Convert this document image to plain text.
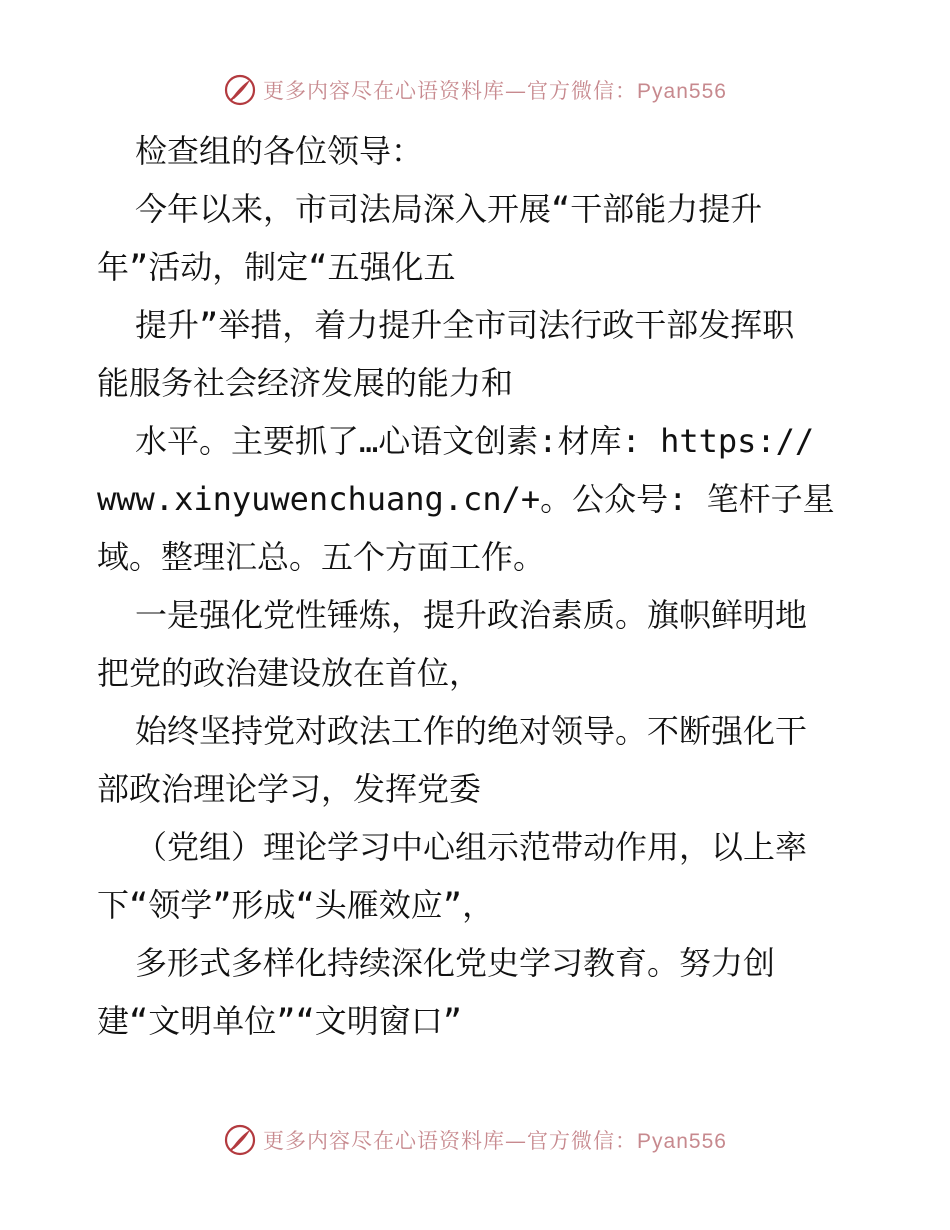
更多内容尽在心语资料库—官方微信：Pyan556
检查组的各位领导：
今年以来，市司法局深入开展“干部能力提升
年”活动，制定“五强化五
提升”举措，着力提升全市司法行政干部发挥职
能服务社会经济发展的能力和
水平。主要抓了…心语文创素:材库: https://
www.xinyuwenchuang.cn/+。公众号: 笔杆子星
域。整理汇总。五个方面工作。
一是强化党性锤炼，提升政治素质。旗帜鲜明地
把党的政治建设放在首位，
始终坚持党对政法工作的绝对领导。不断强化干
部政治理论学习，发挥党委
（党组）理论学习中心组示范带动作用，以上率
下“领学”形成“头雁效应”，
多形式多样化持续深化党史学习教育。努力创
建“文明单位”“文明窗口”
更多内容尽在心语资料库—官方微信：Pyan556
